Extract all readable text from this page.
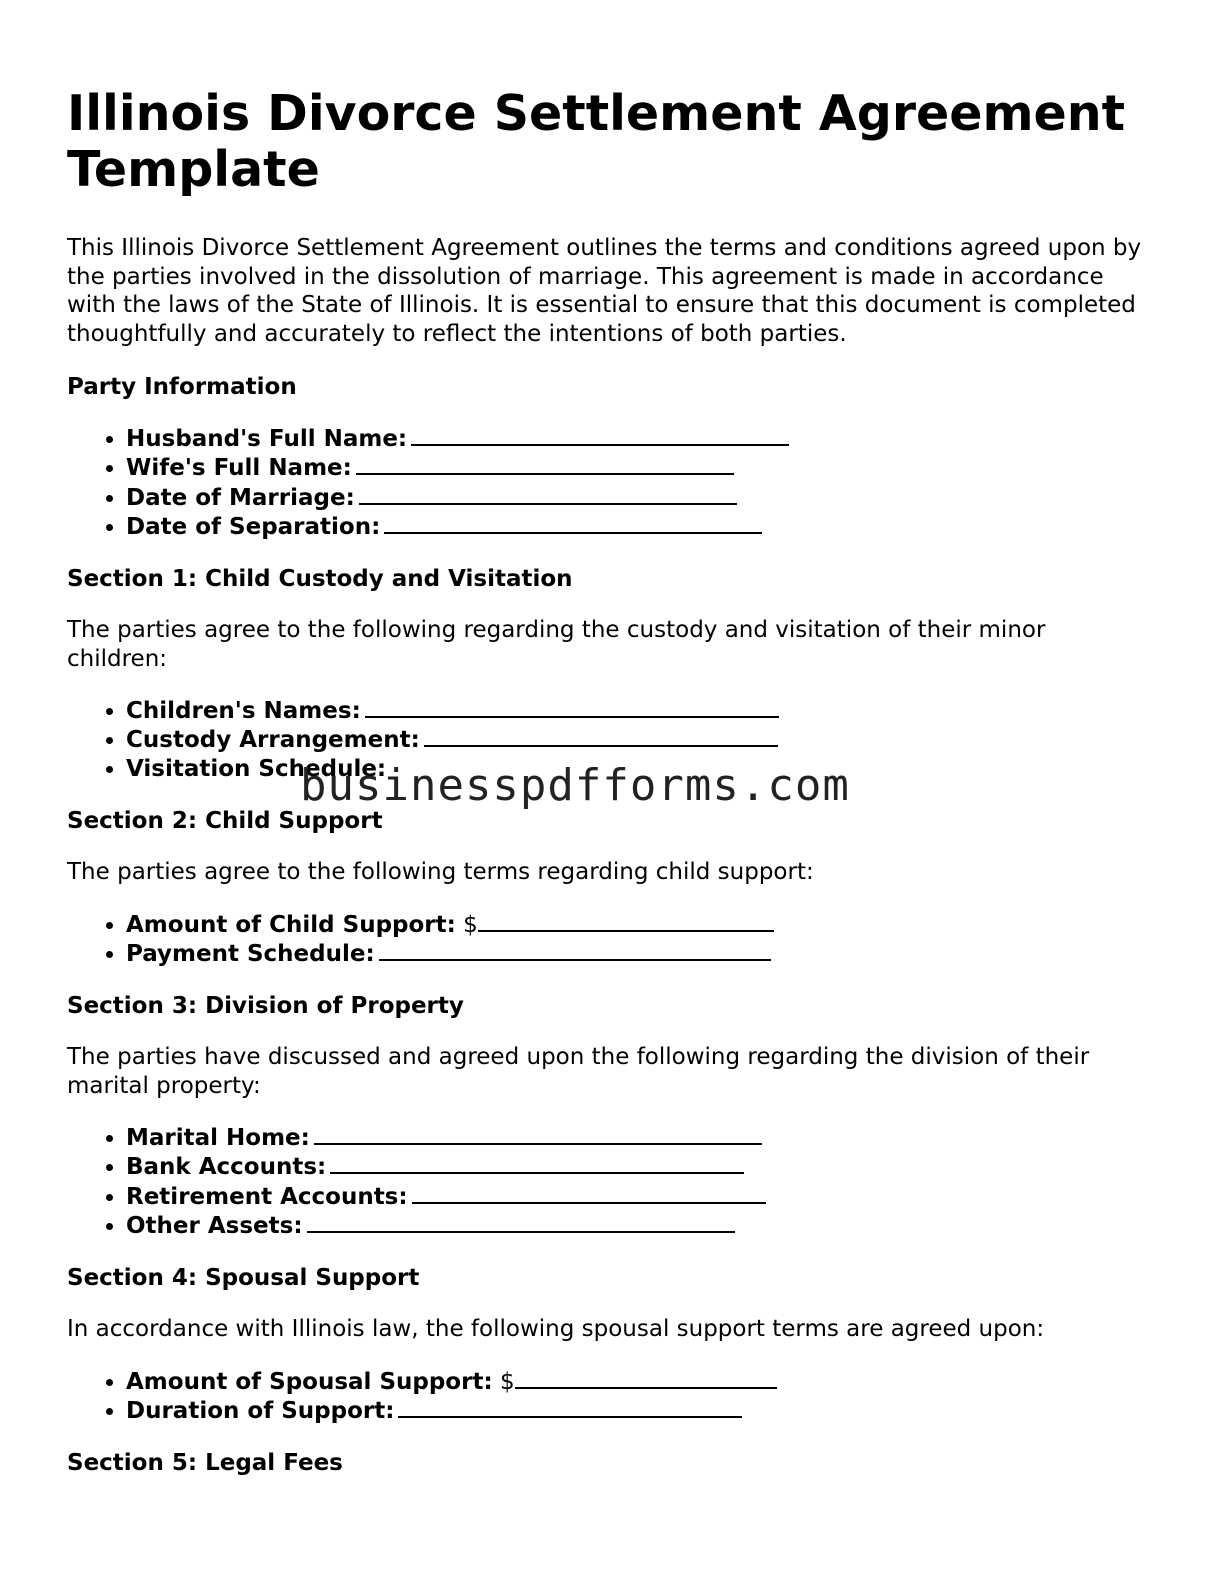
Illinois Divorce Settlement Agreement Template

This Illinois Divorce Settlement Agreement outlines the terms and conditions agreed upon by the parties involved in the dissolution of marriage. This agreement is made in accordance with the laws of the State of Illinois. It is essential to ensure that this document is completed thoughtfully and accurately to reflect the intentions of both parties.

Party Information
• Husband's Full Name:
• Wife's Full Name:
• Date of Marriage:
• Date of Separation:
Section 1: Child Custody and Visitation

The parties agree to the following regarding the custody and visitation of their minor children:

• Children's Names:
• Custody Arrangement:
• Visitation Schedule:
Section 2: Child Support

The parties agree to the following terms regarding child support:

• Amount of Child Support: $
• Payment Schedule:
Section 3: Division of Property

The parties have discussed and agreed upon the following regarding the division of their marital property:

• Marital Home:
• Bank Accounts:
• Retirement Accounts:
• Other Assets:
Section 4: Spousal Support

In accordance with Illinois law, the following spousal support terms are agreed upon:

• Amount of Spousal Support: $
• Duration of Support:
Section 5: Legal Fees
businesspdfforms.com
